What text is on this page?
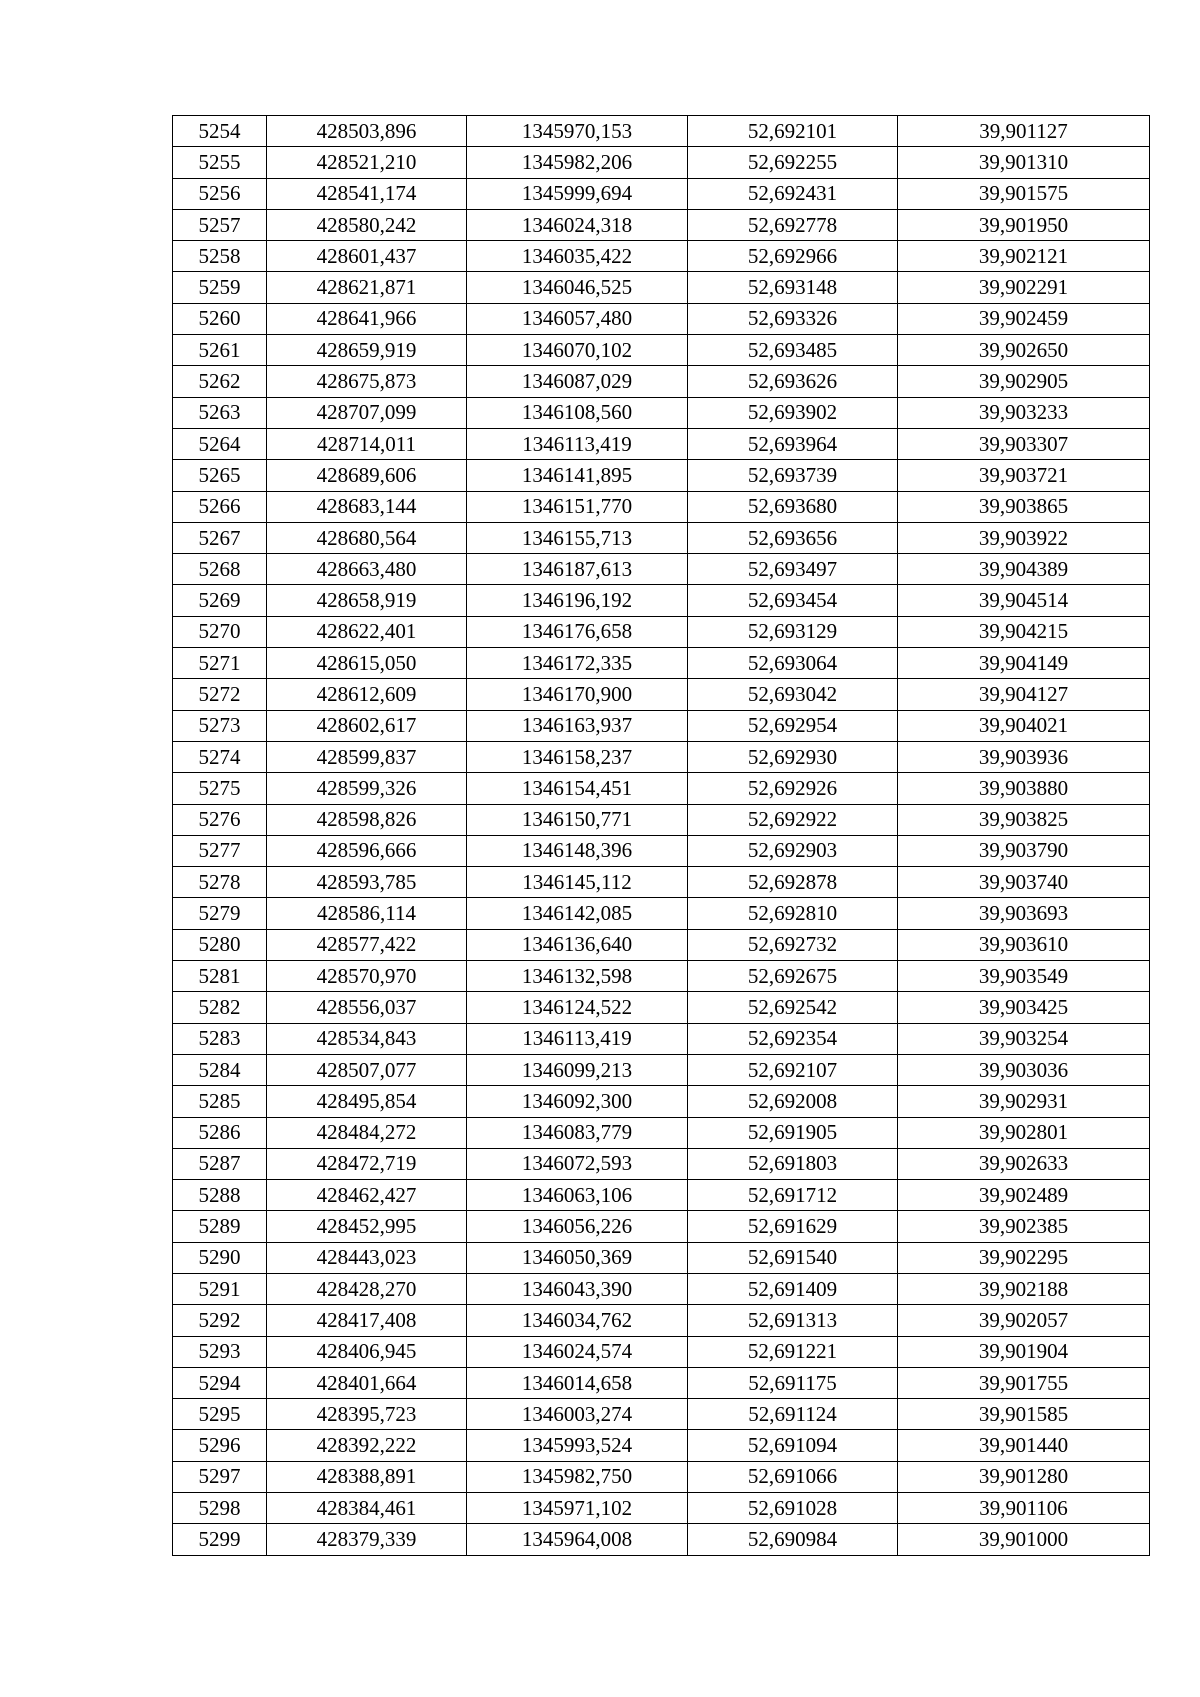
5254	428503,896	1345970,153	52,692101	39,901127
5255	428521,210	1345982,206	52,692255	39,901310
5256	428541,174	1345999,694	52,692431	39,901575
5257	428580,242	1346024,318	52,692778	39,901950
5258	428601,437	1346035,422	52,692966	39,902121
5259	428621,871	1346046,525	52,693148	39,902291
5260	428641,966	1346057,480	52,693326	39,902459
5261	428659,919	1346070,102	52,693485	39,902650
5262	428675,873	1346087,029	52,693626	39,902905
5263	428707,099	1346108,560	52,693902	39,903233
5264	428714,011	1346113,419	52,693964	39,903307
5265	428689,606	1346141,895	52,693739	39,903721
5266	428683,144	1346151,770	52,693680	39,903865
5267	428680,564	1346155,713	52,693656	39,903922
5268	428663,480	1346187,613	52,693497	39,904389
5269	428658,919	1346196,192	52,693454	39,904514
5270	428622,401	1346176,658	52,693129	39,904215
5271	428615,050	1346172,335	52,693064	39,904149
5272	428612,609	1346170,900	52,693042	39,904127
5273	428602,617	1346163,937	52,692954	39,904021
5274	428599,837	1346158,237	52,692930	39,903936
5275	428599,326	1346154,451	52,692926	39,903880
5276	428598,826	1346150,771	52,692922	39,903825
5277	428596,666	1346148,396	52,692903	39,903790
5278	428593,785	1346145,112	52,692878	39,903740
5279	428586,114	1346142,085	52,692810	39,903693
5280	428577,422	1346136,640	52,692732	39,903610
5281	428570,970	1346132,598	52,692675	39,903549
5282	428556,037	1346124,522	52,692542	39,903425
5283	428534,843	1346113,419	52,692354	39,903254
5284	428507,077	1346099,213	52,692107	39,903036
5285	428495,854	1346092,300	52,692008	39,902931
5286	428484,272	1346083,779	52,691905	39,902801
5287	428472,719	1346072,593	52,691803	39,902633
5288	428462,427	1346063,106	52,691712	39,902489
5289	428452,995	1346056,226	52,691629	39,902385
5290	428443,023	1346050,369	52,691540	39,902295
5291	428428,270	1346043,390	52,691409	39,902188
5292	428417,408	1346034,762	52,691313	39,902057
5293	428406,945	1346024,574	52,691221	39,901904
5294	428401,664	1346014,658	52,691175	39,901755
5295	428395,723	1346003,274	52,691124	39,901585
5296	428392,222	1345993,524	52,691094	39,901440
5297	428388,891	1345982,750	52,691066	39,901280
5298	428384,461	1345971,102	52,691028	39,901106
5299	428379,339	1345964,008	52,690984	39,901000
